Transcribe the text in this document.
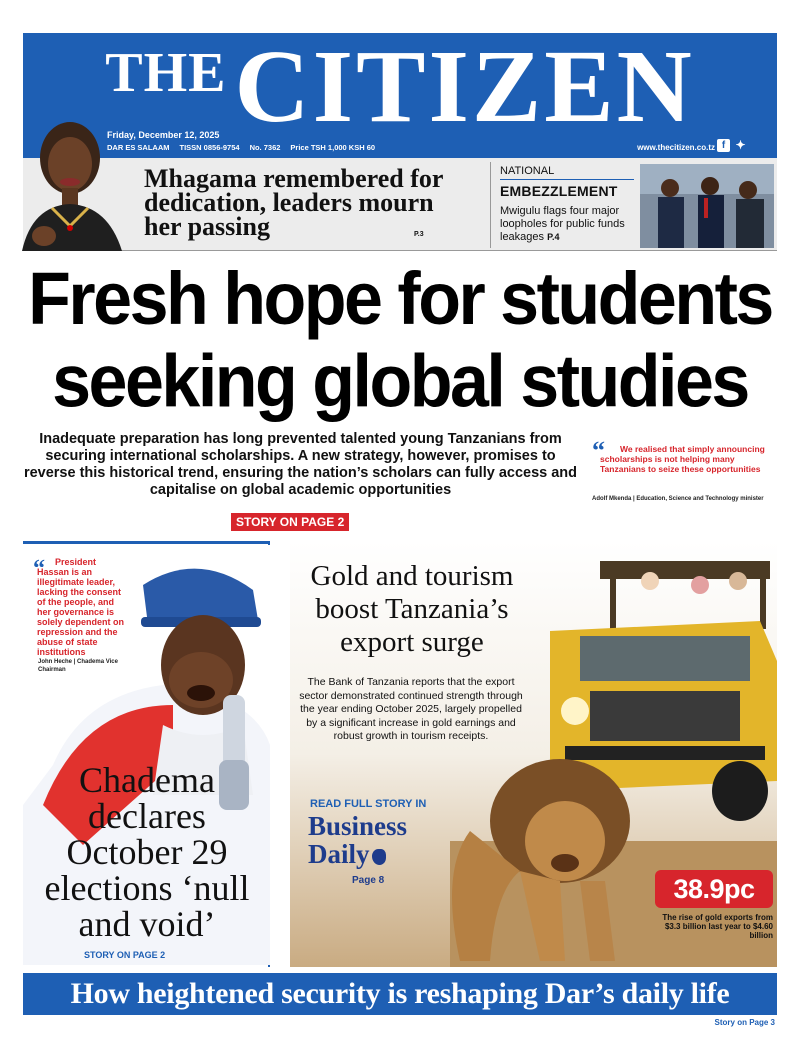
THECITIZEN
Friday, December 12, 2025
DAR ES SALAAM TISSN 0856-9754 No. 7362 Price TSH 1,000 KSH 60	www.thecitizen.co.tz f ✦
Mhagama remembered for dedication, leaders mourn her passing	P.3
NATIONAL
EMBEZZLEMENT
Mwigulu flags four major loopholes for public funds leakages P.4
Fresh hope for students seeking global studies
Inadequate preparation has long prevented talented young Tanzanians from securing international scholarships. A new strategy, however, promises to reverse this historical trend, ensuring the nation’s scholars can fully access and capitalise on global academic opportunities
STORY ON PAGE 2
“	We realised that simply announcing scholarships is not helping many Tanzanians to seize these opportunities
Adolf Mkenda | Education, Science and Technology minister
“	President Hassan is an illegitimate leader, lacking the consent of the people, and her governance is solely dependent on repression and the abuse of state institutions
John Heche | Chadema Vice Chairman
Chadema declares October 29 elections ‘null and void’
STORY ON PAGE 2
Gold and tourism boost Tanzania’s export surge
The Bank of Tanzania reports that the export sector demonstrated continued strength through the year ending October 2025, largely propelled by a significant increase in gold earnings and robust growth in tourism receipts.
READ FULL STORY IN
Business
Daily
Page 8	38.9pc
The rise of gold exports from $3.3 billion last year to $4.60 billion
How heightened security is reshaping Dar’s daily life
Story on Page 3
